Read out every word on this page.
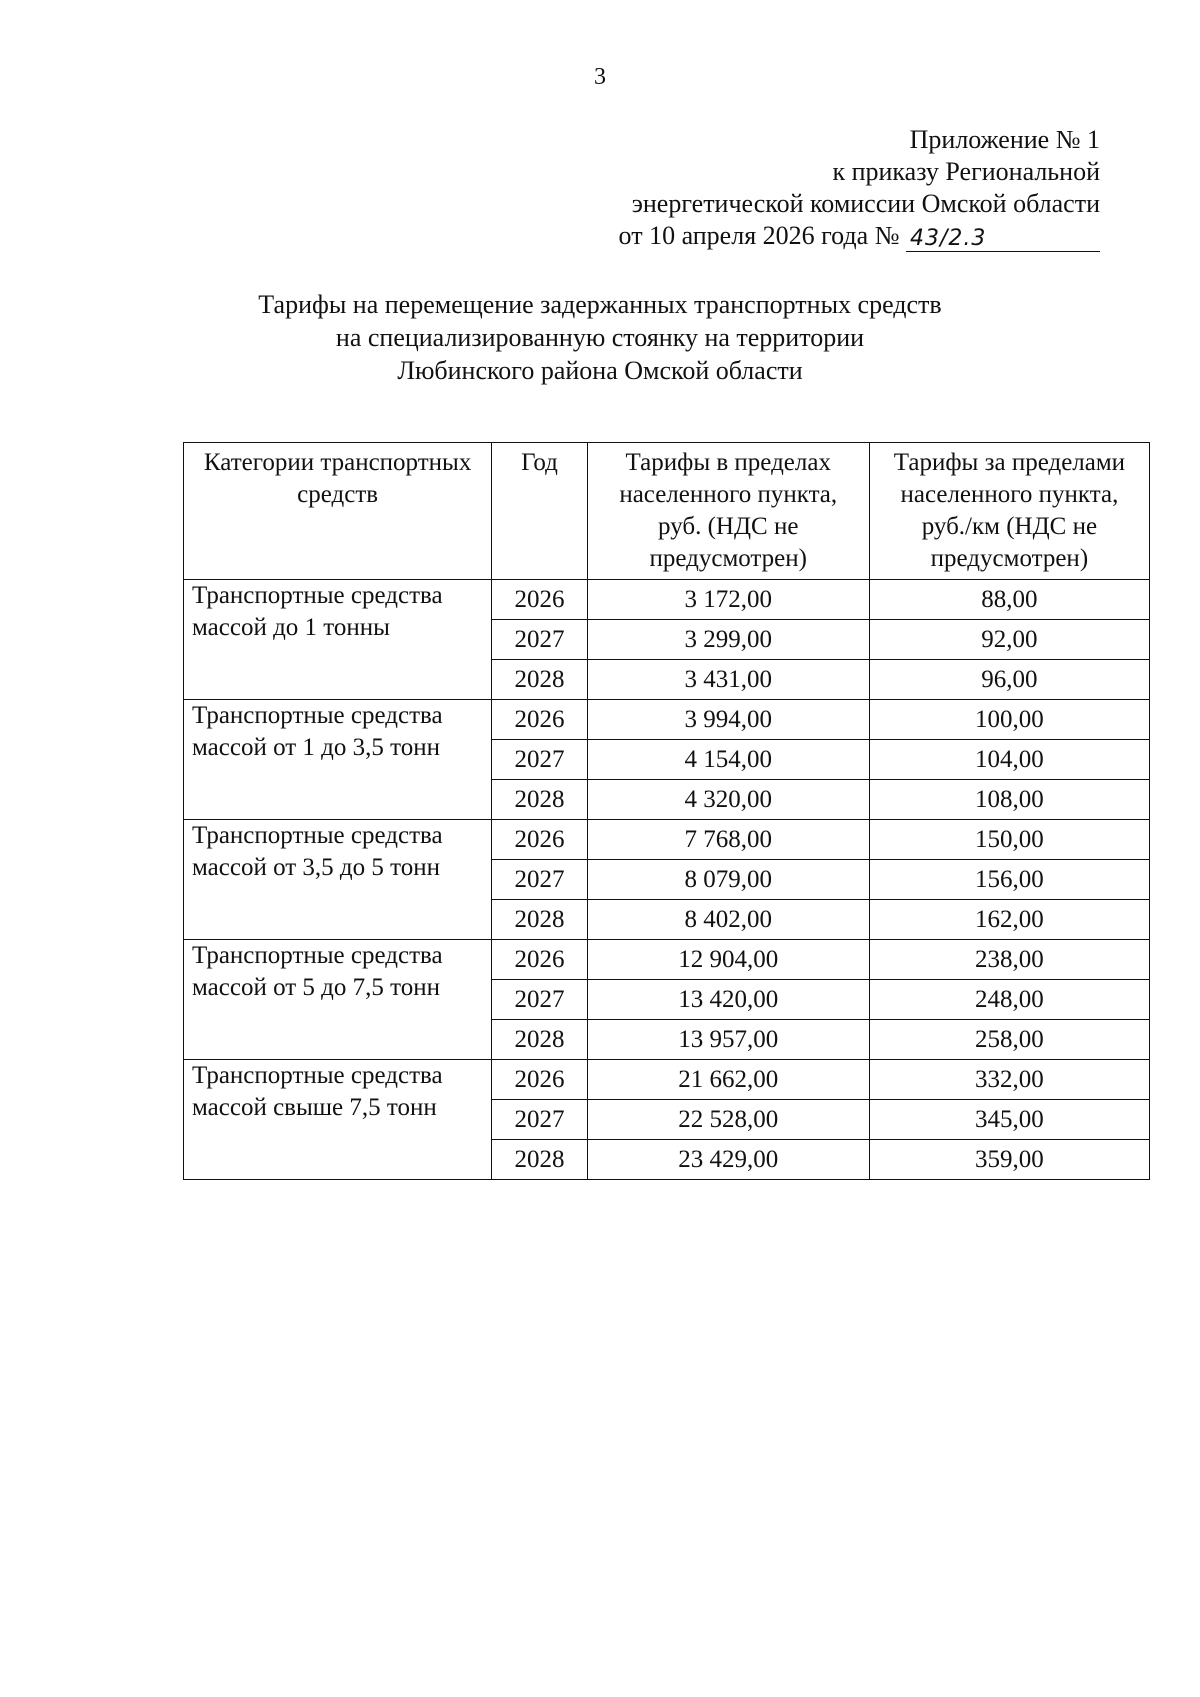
3
Приложение № 1
к приказу Региональной
энергетической комиссии Омской области
от 10 апреля 2026 года № 43/2.3
Тарифы на перемещение задержанных транспортных средств
на специализированную стоянку на территории
Любинского района Омской области
Категории транспортных средств	Год	Тарифы в пределах населенного пункта, руб. (НДС не предусмотрен)	Тарифы за пределами населенного пункта, руб./км (НДС не предусмотрен)
Транспортные средства массой до 1 тонны	2026	3 172,00	88,00
	2027	3 299,00	92,00
	2028	3 431,00	96,00
Транспортные средства массой от 1 до 3,5 тонн	2026	3 994,00	100,00
	2027	4 154,00	104,00
	2028	4 320,00	108,00
Транспортные средства массой от 3,5 до 5 тонн	2026	7 768,00	150,00
	2027	8 079,00	156,00
	2028	8 402,00	162,00
Транспортные средства массой от 5 до 7,5 тонн	2026	12 904,00	238,00
	2027	13 420,00	248,00
	2028	13 957,00	258,00
Транспортные средства массой свыше 7,5 тонн	2026	21 662,00	332,00
	2027	22 528,00	345,00
	2028	23 429,00	359,00
